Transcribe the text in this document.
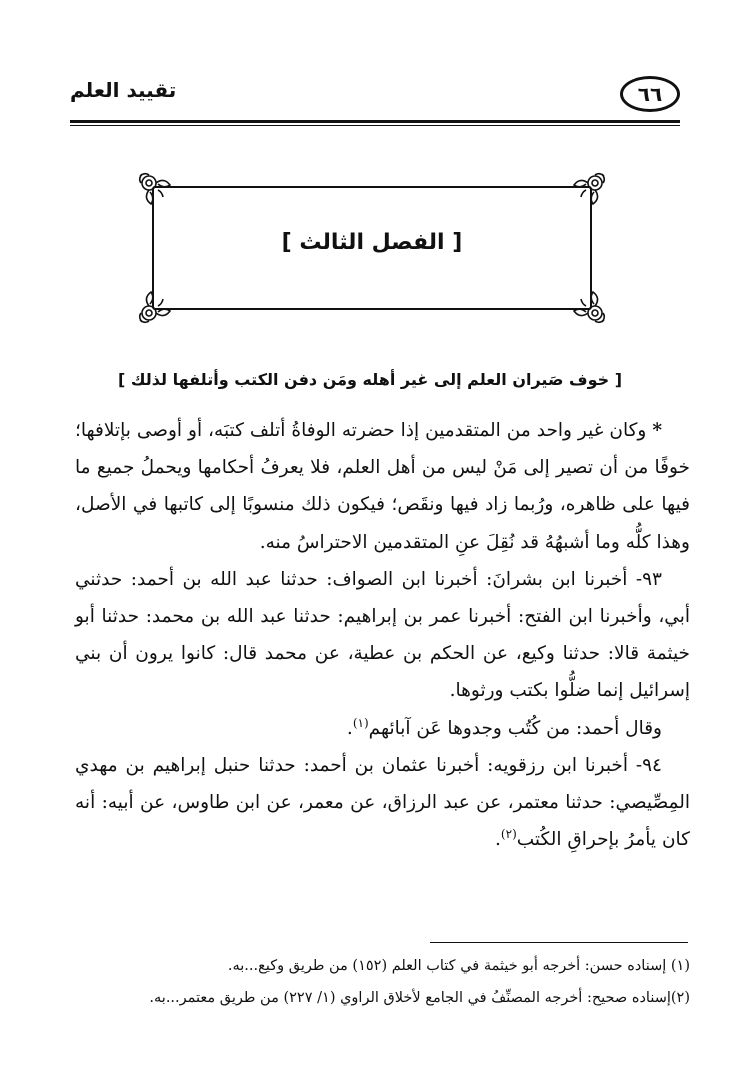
٦٦
تقييد العلم
[ الفصل الثالث ]
[ خوف صَيران العلم إلى غير أهله ومَن دفن الكتب وأتلفها لذلك ]

* وكان غير واحد من المتقدمين إذا حضرته الوفاةُ أتلف كتبَه، أو أوصى بإتلافها؛ خوفًا من أن تصير إلى مَنْ ليس من أهل العلم، فلا يعرفُ أحكامها ويحملُ جميع ما فيها على ظاهره، ورُبما زاد فيها ونقَص؛ فيكون ذلك منسوبًا إلى كاتبها في الأصل، وهذا كلُّه وما أشبهُهُ قد نُقِلَ عنِ المتقدمين الاحتراسُ منه.

٩٣- أخبرنا ابن بشرانَ: أخبرنا ابن الصواف: حدثنا عبد الله بن أحمد: حدثني أبي، وأخبرنا ابن الفتح: أخبرنا عمر بن إبراهيم: حدثنا عبد الله بن محمد: حدثنا أبو خيثمة قالا: حدثنا وكيع، عن الحكم بن عطية، عن محمد قال: كانوا يرون أن بني إسرائيل إنما ضلُّوا بكتب ورثوها.

وقال أحمد: من كُتُب وجدوها عَن آبائهم$^{(١)}$.

٩٤- أخبرنا ابن رزقويه: أخبرنا عثمان بن أحمد: حدثنا حنبل إبراهيم بن مهدي المِصِّيصي: حدثنا معتمر، عن عبد الرزاق، عن معمر، عن ابن طاوس، عن أبيه: أنه كان يأمرُ بإحراقِ الكُتب$^{(٢)}$.

(١) إسناده حسن: أخرجه أبو خيثمة في كتاب العلم (١٥٢) من طريق وكيع...به.

(٢)إسناده صحيح: أخرجه المصنِّفُ في الجامع لأخلاق الراوي (١/ ٢٢٧) من طريق معتمر...به.
